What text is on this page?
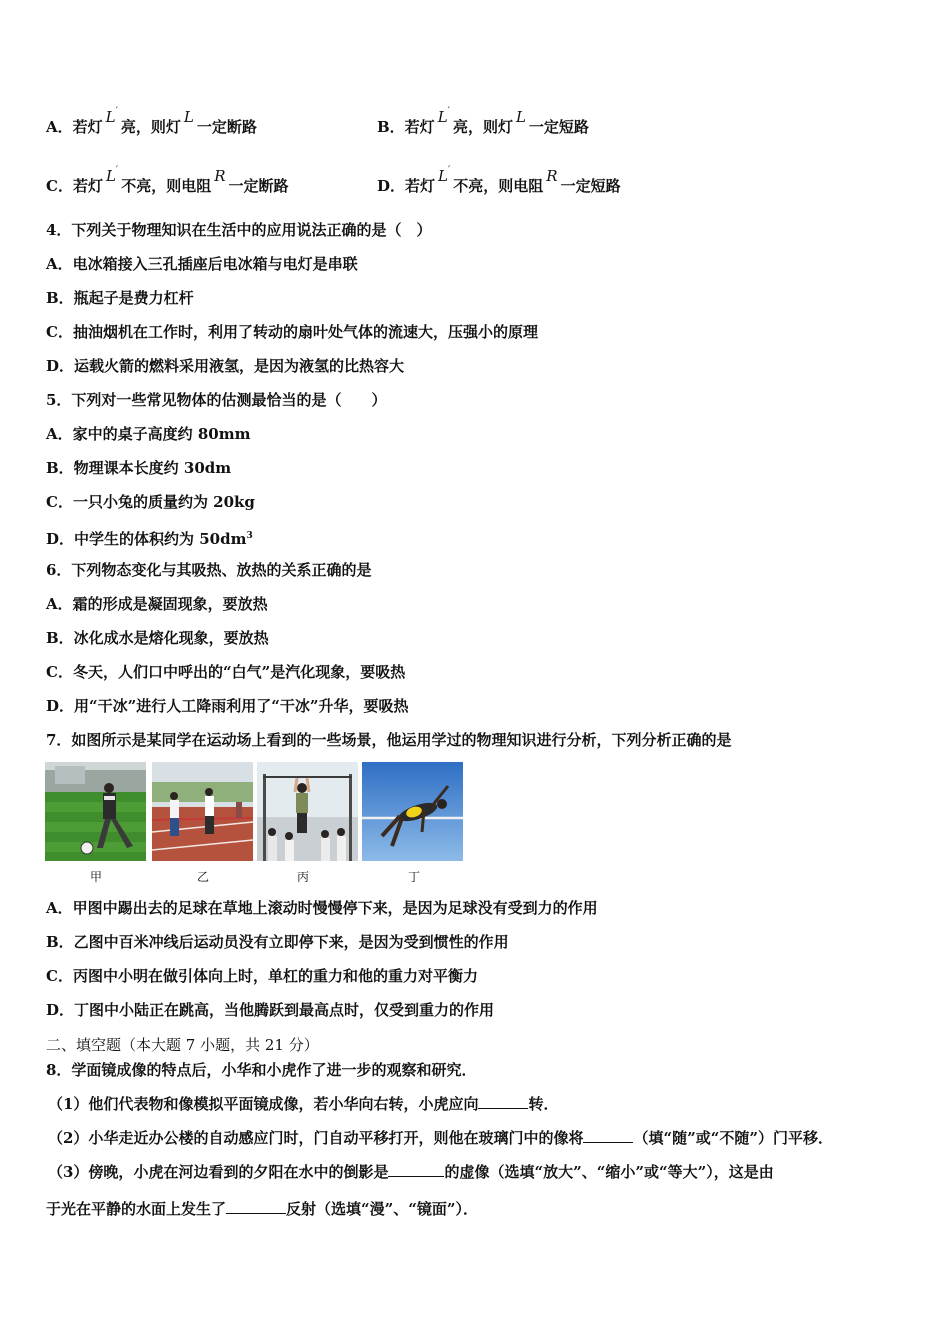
A．若灯L′亮，则灯L一定断路	B．若灯L′亮，则灯L一定短路
C．若灯L′不亮，则电阻R一定断路	D．若灯L′不亮，则电阻R一定短路
4．下列关于物理知识在生活中的应用说法正确的是（　）
A．电冰箱接入三孔插座后电冰箱与电灯是串联
B．瓶起子是费力杠杆
C．抽油烟机在工作时，利用了转动的扇叶处气体的流速大，压强小的原理
D．运载火箭的燃料采用液氢，是因为液氢的比热容大
5．下列对一些常见物体的估测最恰当的是（　　）
A．家中的桌子高度约 80mm
B．物理课本长度约 30dm
C．一只小兔的质量约为 20kg
D．中学生的体积约为 $50dm^3$
6．下列物态变化与其吸热、放热的关系正确的是
A．霜的形成是凝固现象，要放热
B．冰化成水是熔化现象，要放热
C．冬天，人们口中呼出的“白气”是汽化现象，要吸热
D．用“干冰”进行人工降雨利用了“干冰”升华，要吸热
7．如图所示是某同学在运动场上看到的一些场景，他运用学过的物理知识进行分析，下列分析正确的是
甲	乙	丙	丁
A．甲图中踢出去的足球在草地上滚动时慢慢停下来，是因为足球没有受到力的作用
B．乙图中百米冲线后运动员没有立即停下来，是因为受到惯性的作用
C．丙图中小明在做引体向上时，单杠的重力和他的重力对平衡力
D．丁图中小陆正在跳高，当他腾跃到最高点时，仅受到重力的作用
二、填空题（本大题 7 小题，共 21 分）
8．学面镜成像的特点后，小华和小虎作了进一步的观察和研究．
（1）他们代表物和像模拟平面镜成像，若小华向右转，小虎应向	转．
（2）小华走近办公楼的自动感应门时，门自动平移打开，则他在玻璃门中的像将	（填“随”或“不随”）门平移．
（3）傍晚，小虎在河边看到的夕阳在水中的倒影是	的虚像（选填“放大”、“缩小”或“等大”），这是由
于光在平静的水面上发生了	反射（选填“漫”、“镜面”）．
